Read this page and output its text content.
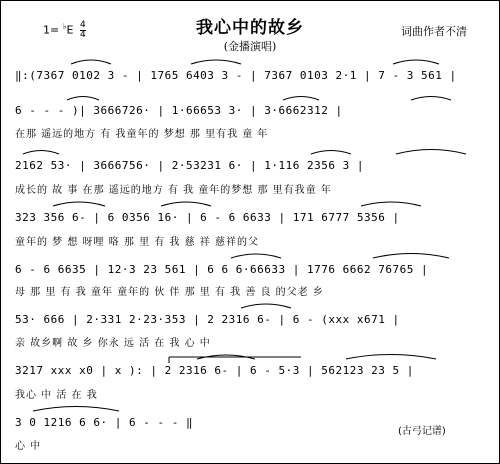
$1= ^♭E \frac{4}{4}$	我心中的故乡
(金播演唱)
词曲作者不清
‖:(7367 0102 3 - | 1765 6403 3 - | 7367 0103 2·1 | 7 - 3 561 |
6 - - - )| 3666726· | 1·66653 3· | 3·6662312 |
在那 遥远的地方 有 我童年的 梦想 那 里有我 童 年
2162 53· | 3666756· | 2·53231 6· | 1·116 2356 3 |
成长的 故 事 在那 遥远的地方 有 我 童年的梦想 那 里有我童 年
323 356 6- | 6 0356 16· | 6 - 6 6633 | 171 6777 5356 |
童年的 梦 想 呀哩 咯 那 里 有 我 慈 祥 慈祥的父
6 - 6 6635 | 12·3 23 561 | 6 6 6·66633 | 1776 6662 76765 |
母 那 里 有 我 童年 童年的 伙 伴 那 里 有 我 善 良 的父老 乡
53· 666 | 2·331 2·23·353 | 2 2316 6- | 6 - (xxx x671 |
亲 故乡啊 故 乡 你永 远 活 在 我 心 中
3217 xxx x0 | x ): | 2 2316 6- | 6 - 5·3 | 562123 23 5 |
我心 中 活 在 我
3 0 1216 6 6· | 6 - - - ‖
心 中
(古弓记谱)
